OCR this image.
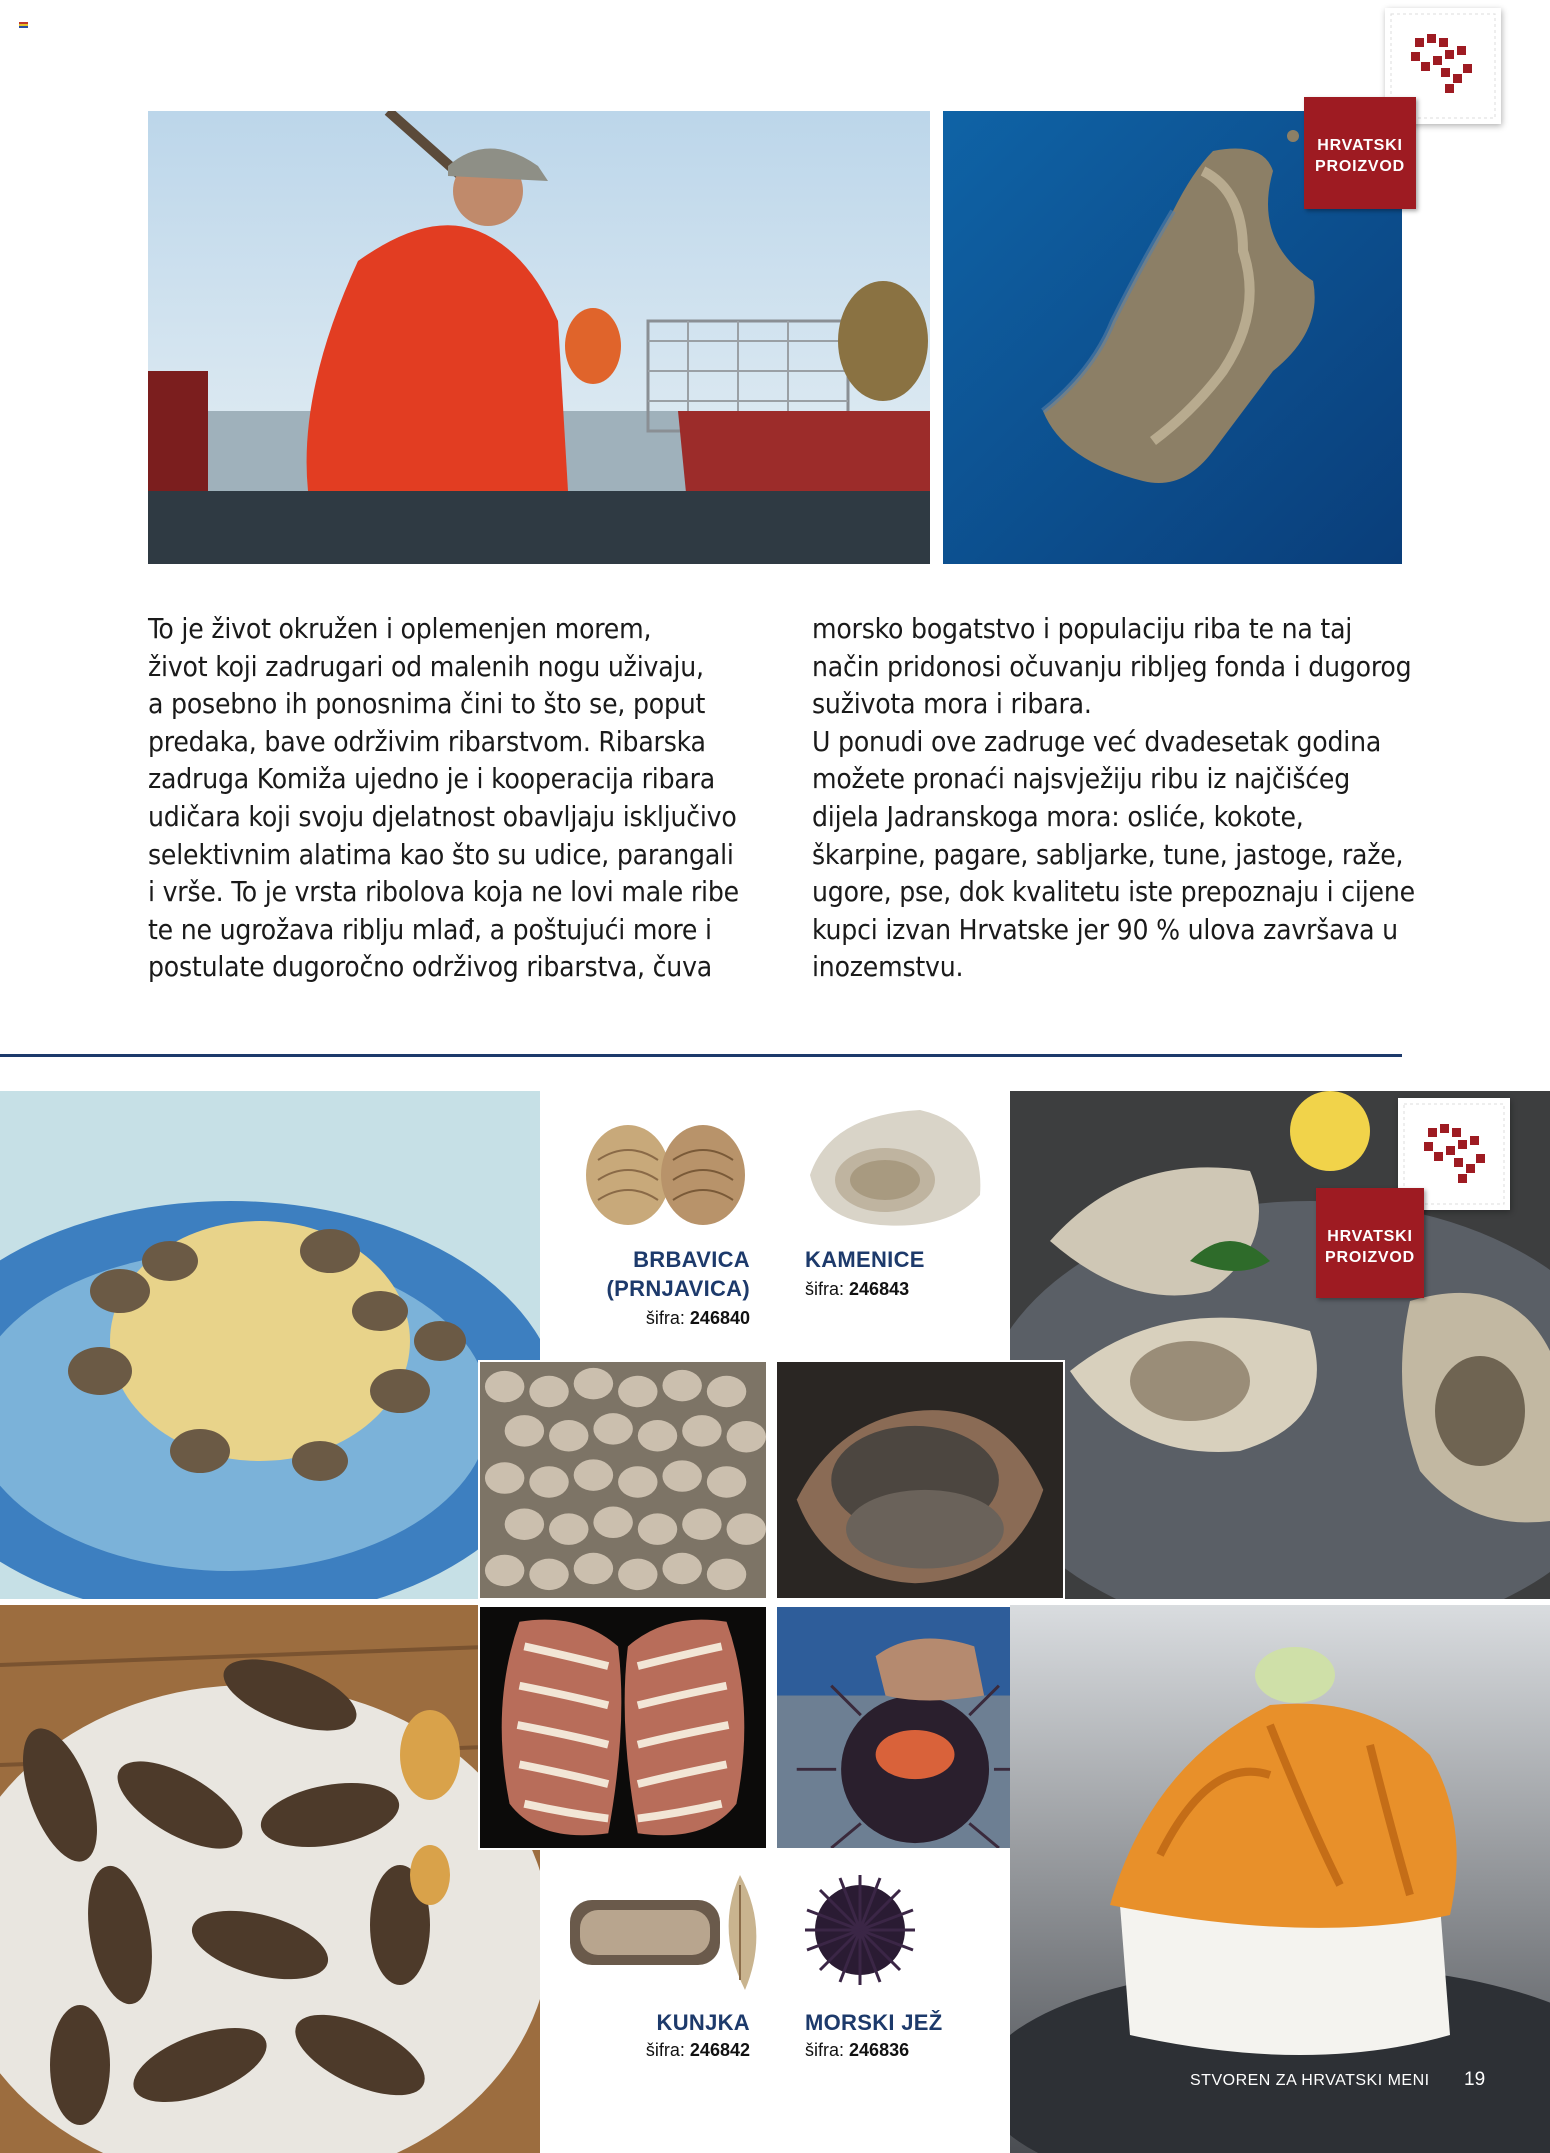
HRVATSKI
PROIZVOD
To je život okružen i oplemenjen morem,
život koji zadrugari od malenih nogu uživaju,
a posebno ih ponosnima čini to što se, poput
predaka, bave održivim ribarstvom. Ribarska
zadruga Komiža ujedno je i kooperacija ribara
udičara koji svoju djelatnost obavljaju isključivo
selektivnim alatima kao što su udice, parangali
i vrše. To je vrsta ribolova koja ne lovi male ribe
te ne ugrožava riblju mlađ, a poštujući more i
postulate dugoročno održivog ribarstva, čuva
morsko bogatstvo i populaciju riba te na taj
način pridonosi očuvanju ribljeg fonda i dugorog
suživota mora i ribara.
U ponudi ove zadruge već dvadesetak godina
možete pronaći najsvježiju ribu iz najčišćeg
dijela Jadranskoga mora: osliće, kokote,
škarpine, pagare, sabljarke, tune, jastoge, raže,
ugore, pse, dok kvalitetu iste prepoznaju i cijene
kupci izvan Hrvatske jer 90 % ulova završava u
inozemstvu.
BRBAVICA
(PRNJAVICA)
šifra: 246840
KAMENICE
šifra: 246843
HRVATSKI
PROIZVOD
KUNJKA
šifra: 246842
MORSKI JEŽ
šifra: 246836
STVOREN ZA HRVATSKI MENI 19
